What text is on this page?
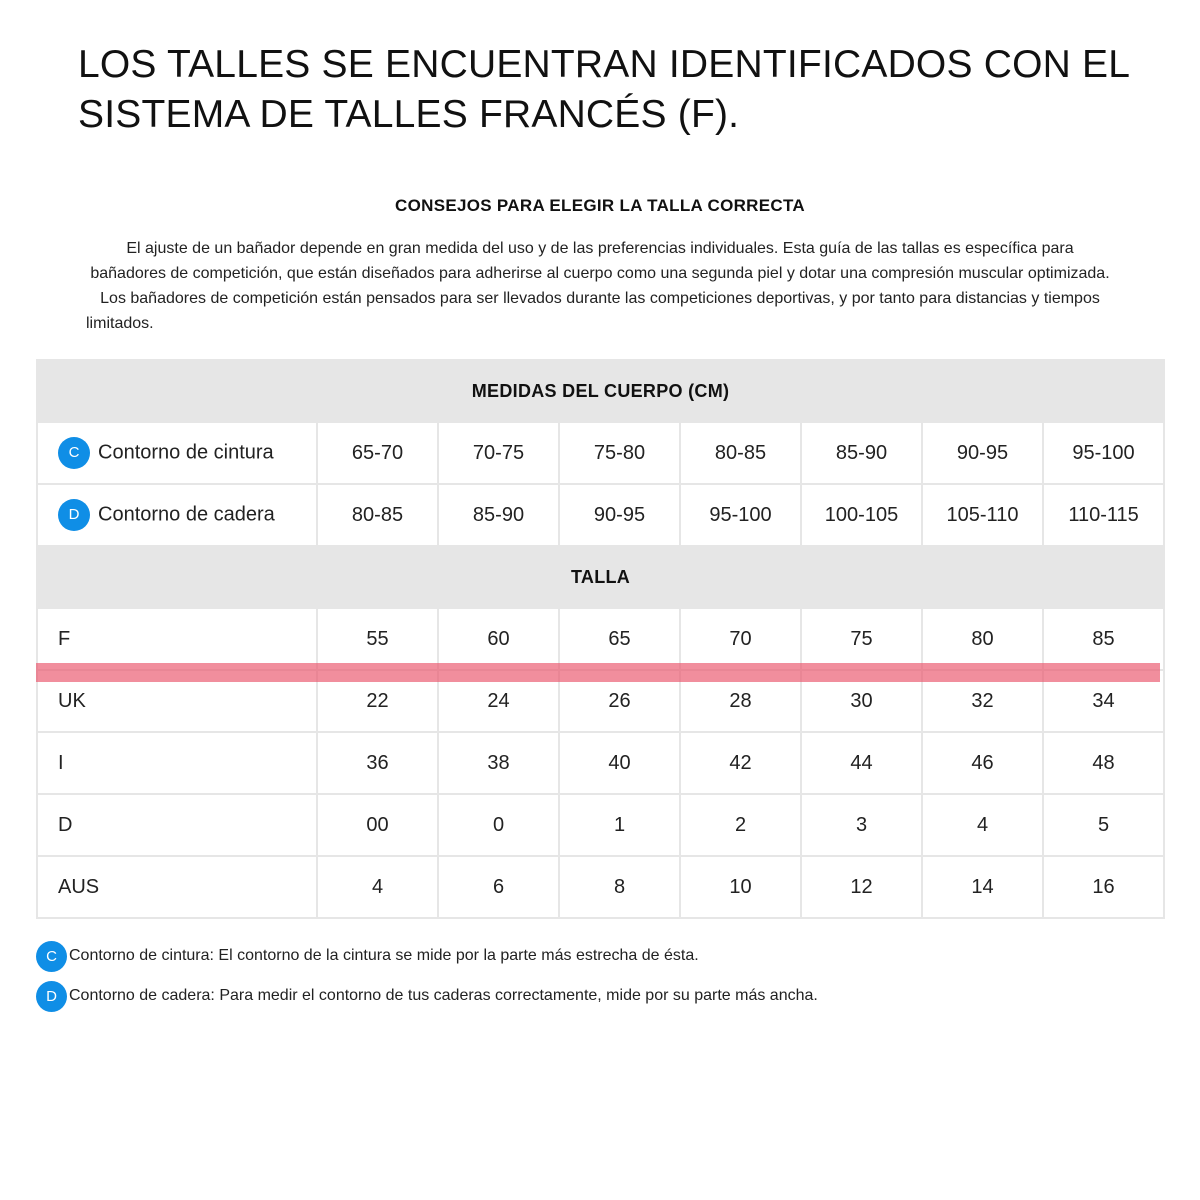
LOS TALLES SE ENCUENTRAN IDENTIFICADOS CON EL
SISTEMA DE TALLES FRANCÉS (F).
CONSEJOS PARA ELEGIR LA TALLA CORRECTA
El ajuste de un bañador depende en gran medida del uso y de las preferencias individuales. Esta guía de las tallas es específica para
bañadores de competición, que están diseñados para adherirse al cuerpo como una segunda piel y dotar una compresión muscular optimizada.
Los bañadores de competición están pensados para ser llevados durante las competiciones deportivas, y por tanto para distancias y tiempos
limitados.
MEDIDAS DEL CUERPO (CM)							
C Contorno de cintura	65-70	70-75	75-80	80-85	85-90	90-95	95-100
D Contorno de cadera	80-85	85-90	90-95	95-100	100-105	105-110	110-115
TALLA							
F	55	60	65	70	75	80	85
UK	22	24	26	28	30	32	34
I	36	38	40	42	44	46	48
D	00	0	1	2	3	4	5
AUS	4	6	8	10	12	14	16
C Contorno de cintura: El contorno de la cintura se mide por la parte más estrecha de ésta.
D Contorno de cadera: Para medir el contorno de tus caderas correctamente, mide por su parte más ancha.
